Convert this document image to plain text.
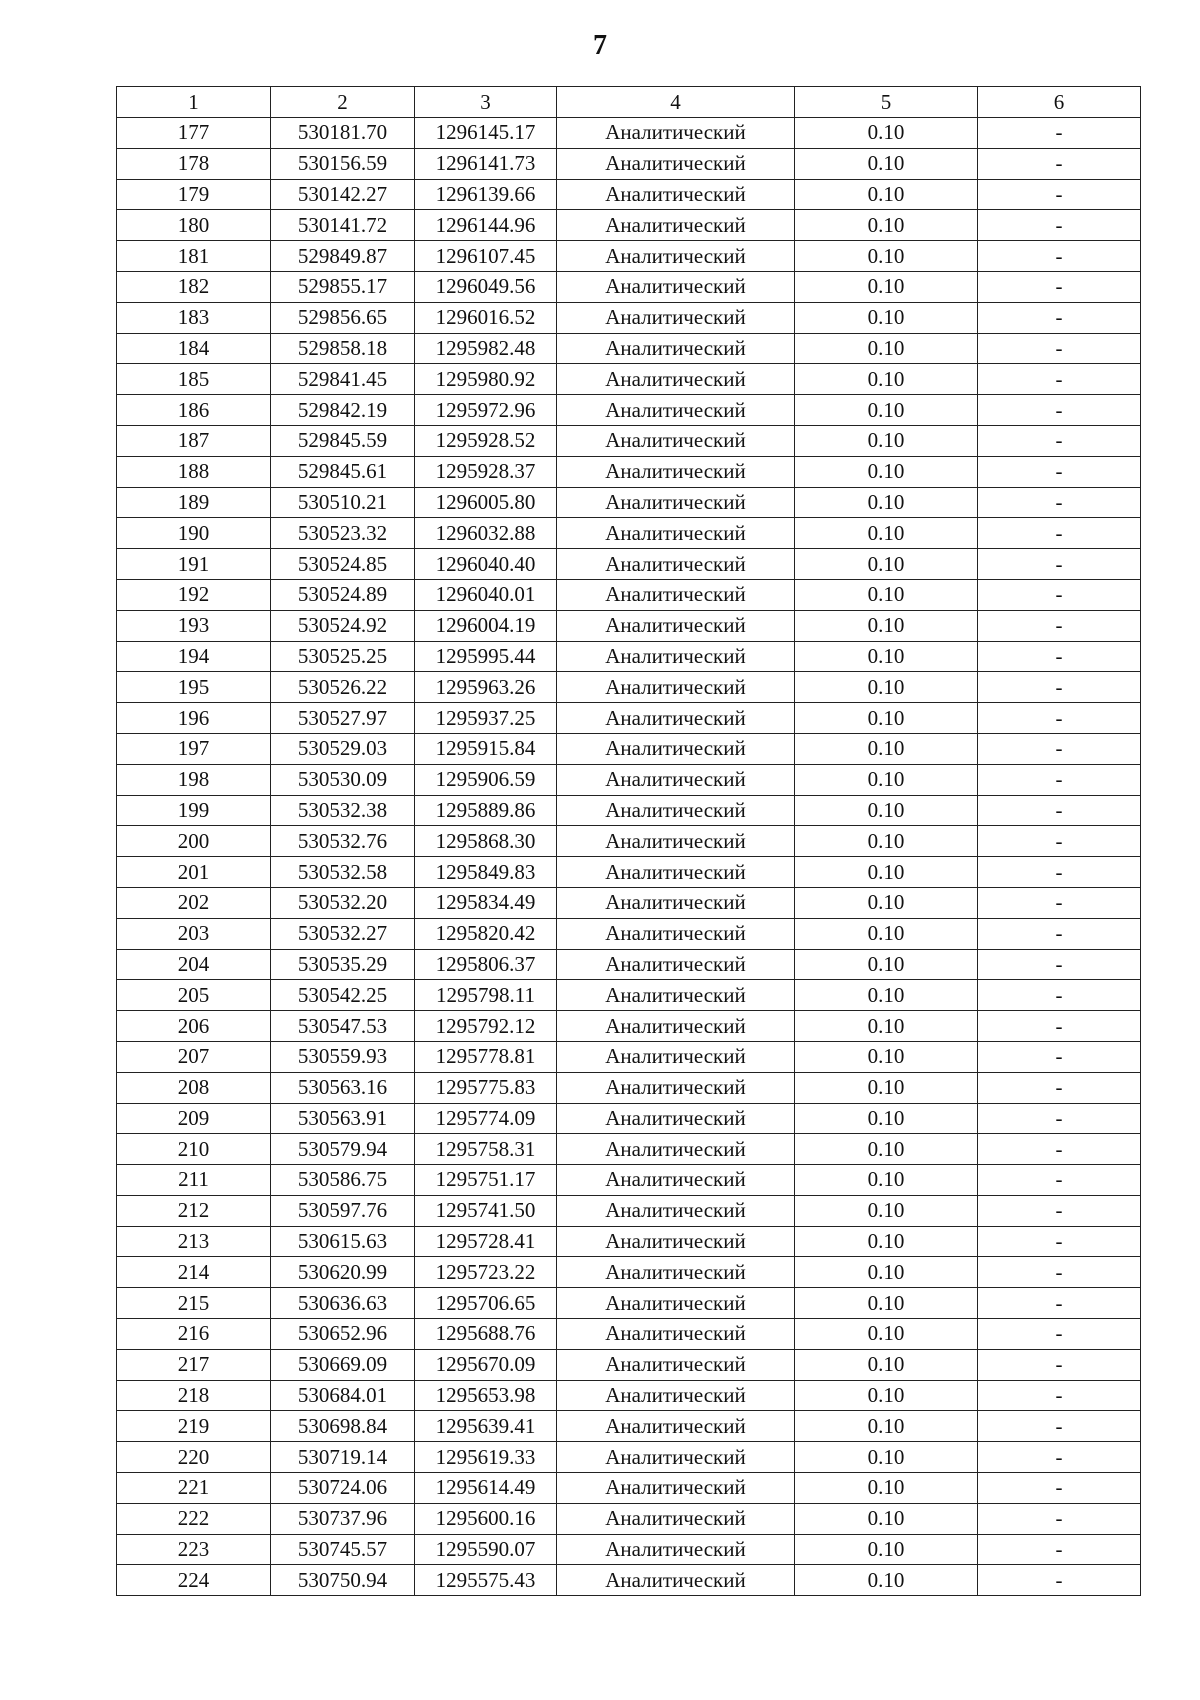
7
1	2	3	4	5	6
177	530181.70	1296145.17	Аналитический	0.10	-
178	530156.59	1296141.73	Аналитический	0.10	-
179	530142.27	1296139.66	Аналитический	0.10	-
180	530141.72	1296144.96	Аналитический	0.10	-
181	529849.87	1296107.45	Аналитический	0.10	-
182	529855.17	1296049.56	Аналитический	0.10	-
183	529856.65	1296016.52	Аналитический	0.10	-
184	529858.18	1295982.48	Аналитический	0.10	-
185	529841.45	1295980.92	Аналитический	0.10	-
186	529842.19	1295972.96	Аналитический	0.10	-
187	529845.59	1295928.52	Аналитический	0.10	-
188	529845.61	1295928.37	Аналитический	0.10	-
189	530510.21	1296005.80	Аналитический	0.10	-
190	530523.32	1296032.88	Аналитический	0.10	-
191	530524.85	1296040.40	Аналитический	0.10	-
192	530524.89	1296040.01	Аналитический	0.10	-
193	530524.92	1296004.19	Аналитический	0.10	-
194	530525.25	1295995.44	Аналитический	0.10	-
195	530526.22	1295963.26	Аналитический	0.10	-
196	530527.97	1295937.25	Аналитический	0.10	-
197	530529.03	1295915.84	Аналитический	0.10	-
198	530530.09	1295906.59	Аналитический	0.10	-
199	530532.38	1295889.86	Аналитический	0.10	-
200	530532.76	1295868.30	Аналитический	0.10	-
201	530532.58	1295849.83	Аналитический	0.10	-
202	530532.20	1295834.49	Аналитический	0.10	-
203	530532.27	1295820.42	Аналитический	0.10	-
204	530535.29	1295806.37	Аналитический	0.10	-
205	530542.25	1295798.11	Аналитический	0.10	-
206	530547.53	1295792.12	Аналитический	0.10	-
207	530559.93	1295778.81	Аналитический	0.10	-
208	530563.16	1295775.83	Аналитический	0.10	-
209	530563.91	1295774.09	Аналитический	0.10	-
210	530579.94	1295758.31	Аналитический	0.10	-
211	530586.75	1295751.17	Аналитический	0.10	-
212	530597.76	1295741.50	Аналитический	0.10	-
213	530615.63	1295728.41	Аналитический	0.10	-
214	530620.99	1295723.22	Аналитический	0.10	-
215	530636.63	1295706.65	Аналитический	0.10	-
216	530652.96	1295688.76	Аналитический	0.10	-
217	530669.09	1295670.09	Аналитический	0.10	-
218	530684.01	1295653.98	Аналитический	0.10	-
219	530698.84	1295639.41	Аналитический	0.10	-
220	530719.14	1295619.33	Аналитический	0.10	-
221	530724.06	1295614.49	Аналитический	0.10	-
222	530737.96	1295600.16	Аналитический	0.10	-
223	530745.57	1295590.07	Аналитический	0.10	-
224	530750.94	1295575.43	Аналитический	0.10	-
